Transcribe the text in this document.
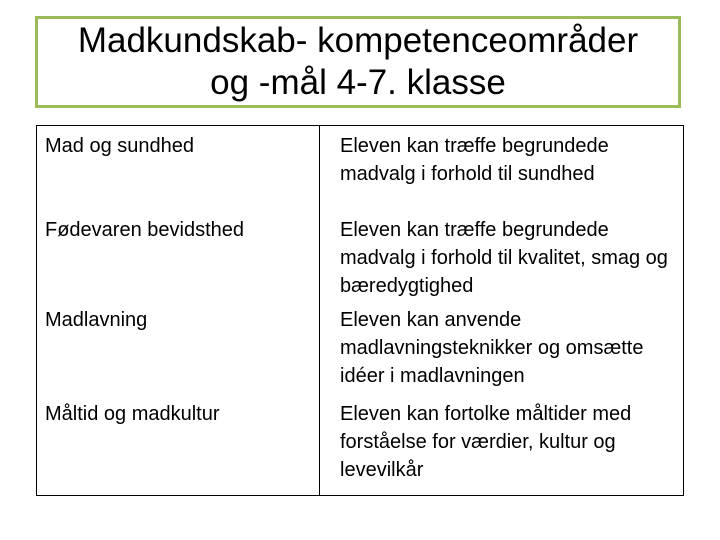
Madkundskab- kompetenceområder
og -mål 4-7. klasse
Mad og sundhed	Eleven kan træffe begrundede madvalg i forhold til sundhed
Fødevaren bevidsthed	Eleven kan træffe begrundede madvalg i forhold til kvalitet, smag og bæredygtighed
Madlavning	Eleven kan anvende madlavningsteknikker og omsætte idéer i madlavningen
Måltid og madkultur	Eleven kan fortolke måltider med forståelse for værdier, kultur og levevilkår
